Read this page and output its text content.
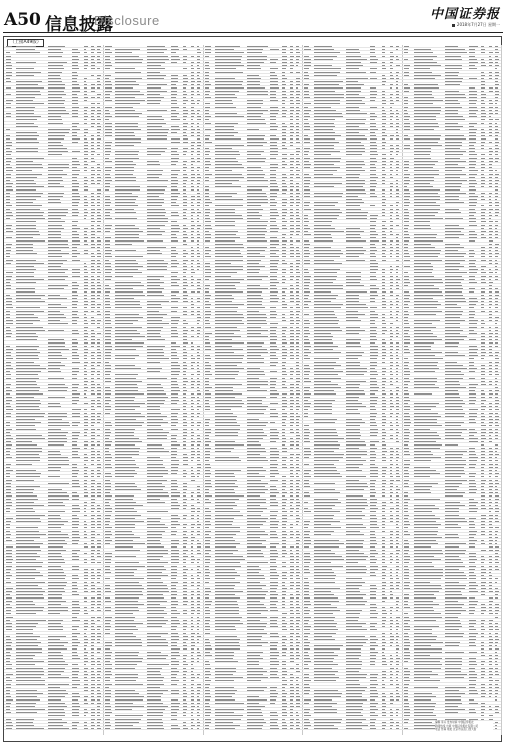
A50 信息披露
Disclosure	中国证券报
2018年7月27日 星期一
（上接A49版）
编辑 李兴 发布时间 中国证券报社
新闻热线 出版 中国证券报社有限公司
电话 传真 地址 北京市宣武门西大街
